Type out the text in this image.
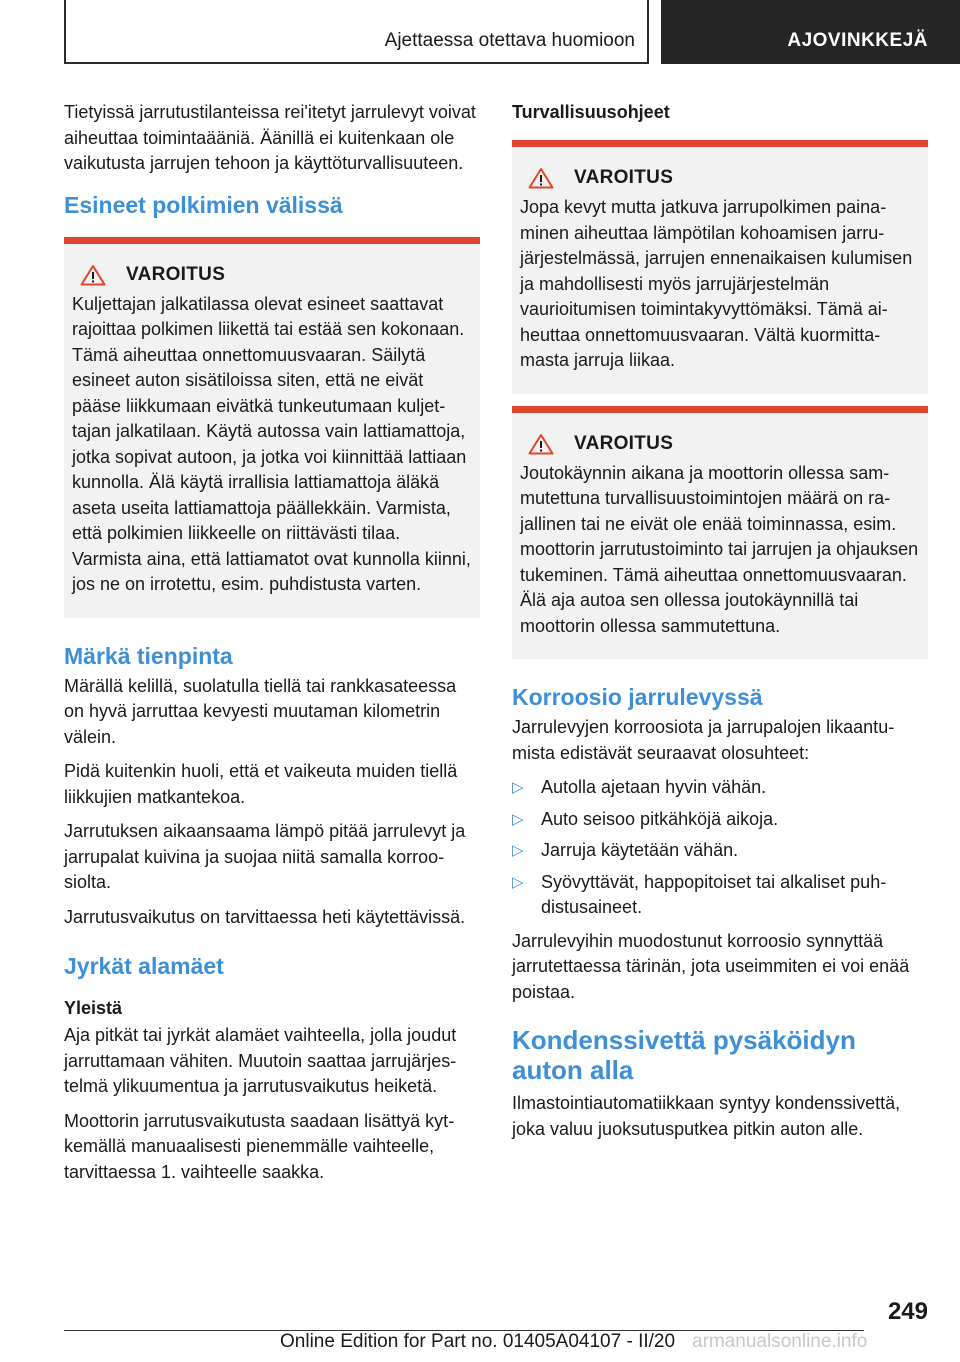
Ajettaessa otettava huomioon	AJOVINKKEJÄ

Tietyissä jarrutustilanteissa rei'itetyt jarrulevyt voivat aiheuttaa toimintaääniä. Äänillä ei kuitenkaan ole vaikutusta jarrujen tehoon ja käyttöturvallisuuteen.

Esineet polkimien välissä
VAROITUS

Kuljettajan jalkatilassa olevat esineet saattavat rajoittaa polkimen liikettä tai estää sen kokonaan. Tämä aiheuttaa onnettomuusvaaran. Säilytä esineet auton sisätiloissa siten, että ne eivät pääse liikkumaan eivätkä tunkeutumaan kuljettajan jalkatilaan. Käytä autossa vain lattiamattoja, jotka sopivat autoon, ja jotka voi kiinnittää lattiaan kunnolla. Älä käytä irrallisia lattiamattoja äläkä aseta useita lattiamattoja päällekkäin. Varmista, että polkimien liikkeelle on riittävästi tilaa. Varmista aina, että lattiamatot ovat kunnolla kiinni, jos ne on irrotettu, esim. puhdistusta varten.

Märkä tienpinta

Märällä kelillä, suolatulla tiellä tai rankkasateessa on hyvä jarruttaa kevyesti muutaman kilometrin välein.

Pidä kuitenkin huoli, että et vaikeuta muiden tiellä liikkujien matkantekoa.

Jarrutuksen aikaansaama lämpö pitää jarrulevyt ja jarrupalat kuivina ja suojaa niitä samalla korroosiolta.

Jarrutusvaikutus on tarvittaessa heti käytettävissä.

Jyrkät alamäet
Yleistä

Aja pitkät tai jyrkät alamäet vaihteella, jolla joudut jarruttamaan vähiten. Muutoin saattaa jarrujärjestelmä ylikuumentua ja jarrutusvaikutus heiketä.

Moottorin jarrutusvaikutusta saadaan lisättyä kytkemällä manuaalisesti pienemmälle vaihteelle, tarvittaessa 1. vaihteelle saakka.

Turvallisuusohjeet
VAROITUS

Jopa kevyt mutta jatkuva jarrupolkimen painaminen aiheuttaa lämpötilan kohoamisen jarrujärjestelmässä, jarrujen ennenaikaisen kulumisen ja mahdollisesti myös jarrujärjestelmän vaurioitumisen toimintakyvyttömäksi. Tämä aiheuttaa onnettomuusvaaran. Vältä kuormittamasta jarruja liikaa.

VAROITUS

Joutokäynnin aikana ja moottorin ollessa sammutettuna turvallisuustoimintojen määrä on rajallinen tai ne eivät ole enää toiminnassa, esim. moottorin jarrutustoiminto tai jarrujen ja ohjauksen tukeminen. Tämä aiheuttaa onnettomuusvaaran. Älä aja autoa sen ollessa joutokäynnillä tai moottorin ollessa sammutettuna.

Korroosio jarrulevyssä

Jarrulevyjen korroosiota ja jarrupalojen likaantumista edistävät seuraavat olosuhteet:

▷ Autolla ajetaan hyvin vähän.
▷ Auto seisoo pitkähköjä aikoja.
▷ Jarruja käytetään vähän.
▷ Syövyttävät, happopitoiset tai alkaliset puhdistusaineet.

Jarrulevyihin muodostunut korroosio synnyttää jarrutettaessa tärinän, jota useimmiten ei voi enää poistaa.

Kondenssivettä pysäköidyn auton alla

Ilmastointiautomatiikkaan syntyy kondenssivettä, joka valuu juoksutusputkea pitkin auton alle.

249
Online Edition for Part no. 01405A04107 - II/20 armanualsonline.info
